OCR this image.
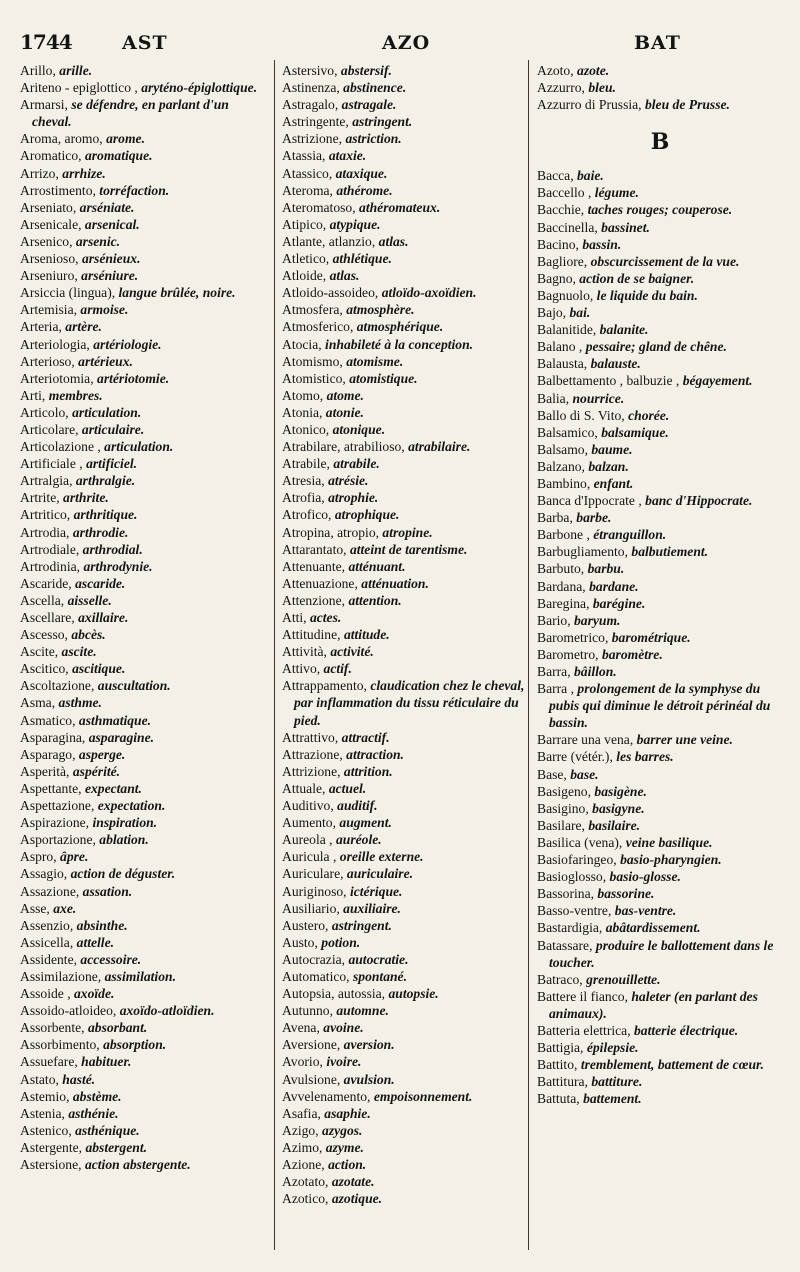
1744	AST	AZO	BAT

Arillo, arille.

Ariteno - epiglottico , aryténo-épiglottique.

Armarsi, se défendre, en parlant d'un cheval.

Aroma, aromo, arome.

Aromatico, aromatique.

Arrizo, arrhize.

Arrostimento, torréfaction.

Arseniato, arséniate.

Arsenicale, arsenical.

Arsenico, arsenic.

Arsenioso, arsénieux.

Arseniuro, arséniure.

Arsiccia (lingua), langue brûlée, noire.

Artemisia, armoise.

Arteria, artère.

Arteriologia, artériologie.

Arterioso, artérieux.

Arteriotomia, artériotomie.

Arti, membres.

Articolo, articulation.

Articolare, articulaire.

Articolazione , articulation.

Artificiale , artificiel.

Artralgia, arthralgie.

Artrite, arthrite.

Artritico, arthritique.

Artrodia, arthrodie.

Artrodiale, arthrodial.

Artrodinia, arthrodynie.

Ascaride, ascaride.

Ascella, aisselle.

Ascellare, axillaire.

Ascesso, abcès.

Ascite, ascite.

Ascitico, ascitique.

Ascoltazione, auscultation.

Asma, asthme.

Asmatico, asthmatique.

Asparagina, asparagine.

Asparago, asperge.

Asperità, aspérité.

Aspettante, expectant.

Aspettazione, expectation.

Aspirazione, inspiration.

Asportazione, ablation.

Aspro, âpre.

Assagio, action de déguster.

Assazione, assation.

Asse, axe.

Assenzio, absinthe.

Assicella, attelle.

Assidente, accessoire.

Assimilazione, assimilation.

Assoide , axoïde.

Assoido-atloideo, axoïdo-atloïdien.

Assorbente, absorbant.

Assorbimento, absorption.

Assuefare, habituer.

Astato, hasté.

Astemio, abstème.

Astenia, asthénie.

Astenico, asthénique.

Astergente, abstergent.

Astersione, action abstergente.

Astersivo, abstersif.

Astinenza, abstinence.

Astragalo, astragale.

Astringente, astringent.

Astrizione, astriction.

Atassia, ataxie.

Atassico, ataxique.

Ateroma, athérome.

Ateromatoso, athéromateux.

Atipico, atypique.

Atlante, atlanzio, atlas.

Atletico, athlétique.

Atloide, atlas.

Atloido-assoideo, atloïdo-axoïdien.

Atmosfera, atmosphère.

Atmosferico, atmosphérique.

Atocia, inhabileté à la conception.

Atomismo, atomisme.

Atomistico, atomistique.

Atomo, atome.

Atonia, atonie.

Atonico, atonique.

Atrabilare, atrabilioso, atrabilaire.

Atrabile, atrabile.

Atresia, atrésie.

Atrofia, atrophie.

Atrofico, atrophique.

Atropina, atropio, atropine.

Attarantato, atteint de tarentisme.

Attenuante, atténuant.

Attenuazione, atténuation.

Attenzione, attention.

Atti, actes.

Attitudine, attitude.

Attività, activité.

Attivo, actif.

Attrappamento, claudication chez le cheval, par inflammation du tissu réticulaire du pied.

Attrattivo, attractif.

Attrazione, attraction.

Attrizione, attrition.

Attuale, actuel.

Auditivo, auditif.

Aumento, augment.

Aureola , auréole.

Auricula , oreille externe.

Auriculare, auriculaire.

Auriginoso, ictérique.

Ausiliario, auxiliaire.

Austero, astringent.

Austo, potion.

Autocrazia, autocratie.

Automatico, spontané.

Autopsia, autossia, autopsie.

Autunno, automne.

Avena, avoine.

Aversione, aversion.

Avorio, ivoire.

Avulsione, avulsion.

Avvelenamento, empoisonnement.

Asafia, asaphie.

Azigo, azygos.

Azimo, azyme.

Azione, action.

Azotato, azotate.

Azotico, azotique.

Azoto, azote.

Azzurro, bleu.

Azzurro di Prussia, bleu de Prusse.

B

Bacca, baie.

Baccello , légume.

Bacchie, taches rouges; couperose.

Baccinella, bassinet.

Bacino, bassin.

Bagliore, obscurcissement de la vue.

Bagno, action de se baigner.

Bagnuolo, le liquide du bain.

Bajo, bai.

Balanitide, balanite.

Balano , pessaire; gland de chêne.

Balausta, balauste.

Balbettamento , balbuzie , bégayement.

Balia, nourrice.

Ballo di S. Vito, chorée.

Balsamico, balsamique.

Balsamo, baume.

Balzano, balzan.

Bambino, enfant.

Banca d'Ippocrate , banc d'Hippocrate.

Barba, barbe.

Barbone , étranguillon.

Barbugliamento, balbutiement.

Barbuto, barbu.

Bardana, bardane.

Baregina, barégine.

Bario, baryum.

Barometrico, barométrique.

Barometro, baromètre.

Barra, bâillon.

Barra , prolongement de la symphyse du pubis qui diminue le détroit périnéal du bassin.

Barrare una vena, barrer une veine.

Barre (vétér.), les barres.

Base, base.

Basigeno, basigène.

Basigino, basigyne.

Basilare, basilaire.

Basilica (vena), veine basilique.

Basiofaringeo, basio-pharyngien.

Basioglosso, basio-glosse.

Bassorina, bassorine.

Basso-ventre, bas-ventre.

Bastardigia, abâtardissement.

Batassare, produire le ballottement dans le toucher.

Batraco, grenouillette.

Battere il fianco, haleter (en parlant des animaux).

Batteria elettrica, batterie électrique.

Battigia, épilepsie.

Battito, tremblement, battement de cœur.

Battitura, battiture.

Battuta, battement.
